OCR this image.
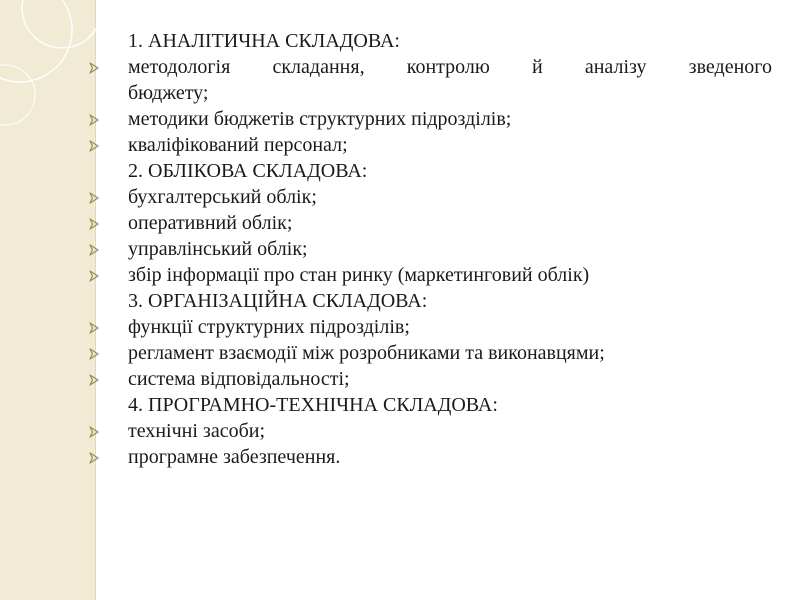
1. АНАЛІТИЧНА СКЛАДОВА:

методологія складання, контролю й аналізу зведеного

бюджету;

методики бюджетів структурних підрозділів;

кваліфікований персонал;

2. ОБЛІКОВА СКЛАДОВА:

бухгалтерський облік;

оперативний облік;

управлінський облік;

збір інформації про стан ринку (маркетинговий облік)

3. ОРГАНІЗАЦІЙНА СКЛАДОВА:

функції структурних підрозділів;

регламент взаємодії між розробниками та виконавцями;

система відповідальності;

4. ПРОГРАМНО-ТЕХНІЧНА СКЛАДОВА:

технічні засоби;

програмне забезпечення.
